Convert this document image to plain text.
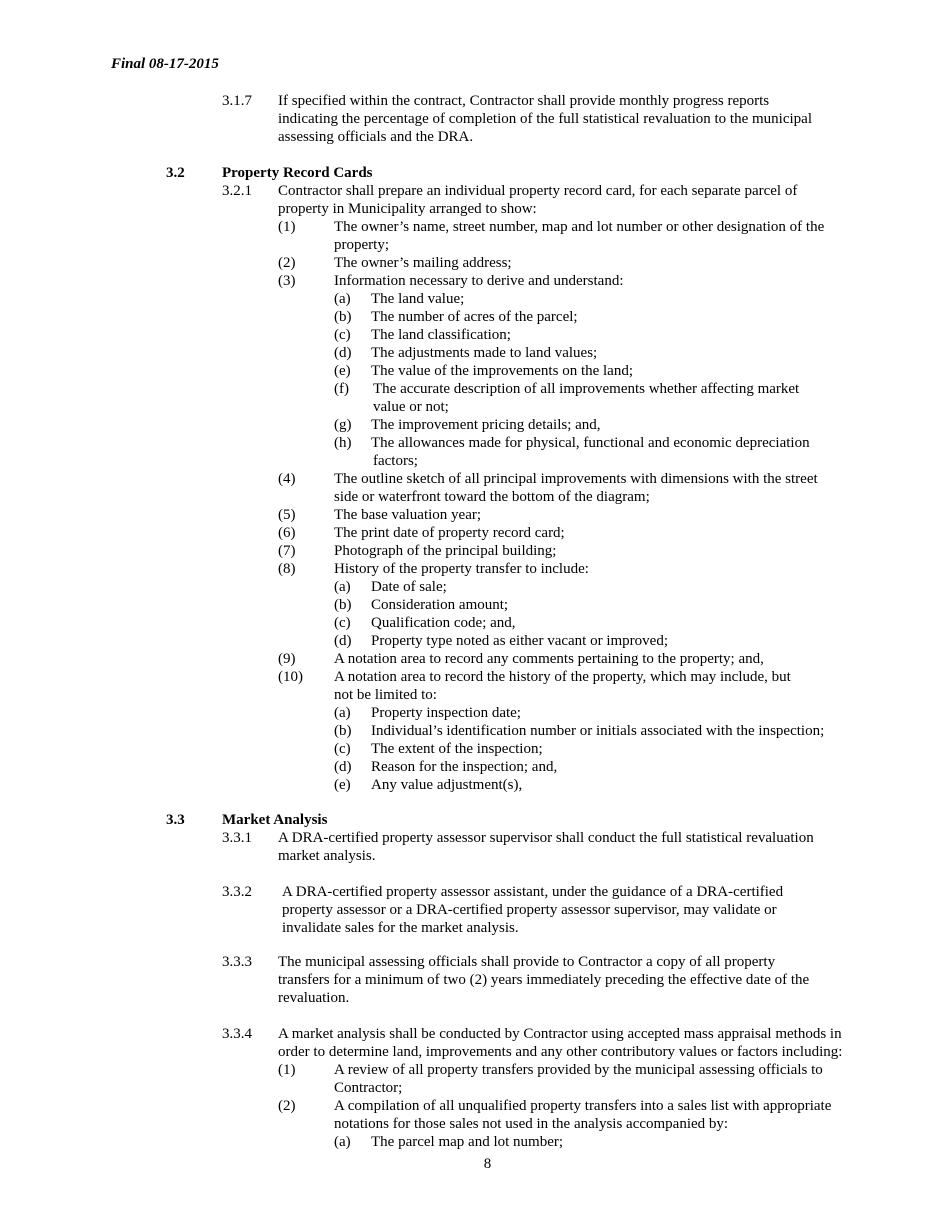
Final 08-17-2015
3.1.7 If specified within the contract, Contractor shall provide monthly progress reports
indicating the percentage of completion of the full statistical revaluation to the municipal
assessing officials and the DRA.
3.2 Property Record Cards
3.2.1 Contractor shall prepare an individual property record card, for each separate parcel of
property in Municipality arranged to show:
(1)	The owner’s name, street number, map and lot number or other designation of the
property;
(2)	The owner’s mailing address;
(3)	Information necessary to derive and understand:
(a) The land value;
(b) The number of acres of the parcel;
(c) The land classification;
(d) The adjustments made to land values;
(e) The value of the improvements on the land;
(f) The accurate description of all improvements whether affecting market
value or not;
(g) The improvement pricing details; and,
(h) The allowances made for physical, functional and economic depreciation
factors;
(4)	The outline sketch of all principal improvements with dimensions with the street
side or waterfront toward the bottom of the diagram;
(5)	The base valuation year;
(6)	The print date of property record card;
(7)	Photograph of the principal building;
(8)	History of the property transfer to include:
(a) Date of sale;
(b) Consideration amount;
(c) Qualification code; and,
(d) Property type noted as either vacant or improved;
(9)	A notation area to record any comments pertaining to the property; and,
(10) A notation area to record the history of the property, which may include, but
not be limited to:
(a) Property inspection date;
(b) Individual’s identification number or initials associated with the inspection;
(c) The extent of the inspection;
(d) Reason for the inspection; and,
(e) Any value adjustment(s),
3.3 Market Analysis
3.3.1 A DRA-certified property assessor supervisor shall conduct the full statistical revaluation
market analysis.
3.3.2 A DRA-certified property assessor assistant, under the guidance of a DRA-certified
property assessor or a DRA-certified property assessor supervisor, may validate or
invalidate sales for the market analysis.
3.3.3 The municipal assessing officials shall provide to Contractor a copy of all property
transfers for a minimum of two (2) years immediately preceding the effective date of the
revaluation.
3.3.4 A market analysis shall be conducted by Contractor using accepted mass appraisal methods in
order to determine land, improvements and any other contributory values or factors including:
(1)	A review of all property transfers provided by the municipal assessing officials to
Contractor;
(2)	A compilation of all unqualified property transfers into a sales list with appropriate
notations for those sales not used in the analysis accompanied by:
(a) The parcel map and lot number;
8
